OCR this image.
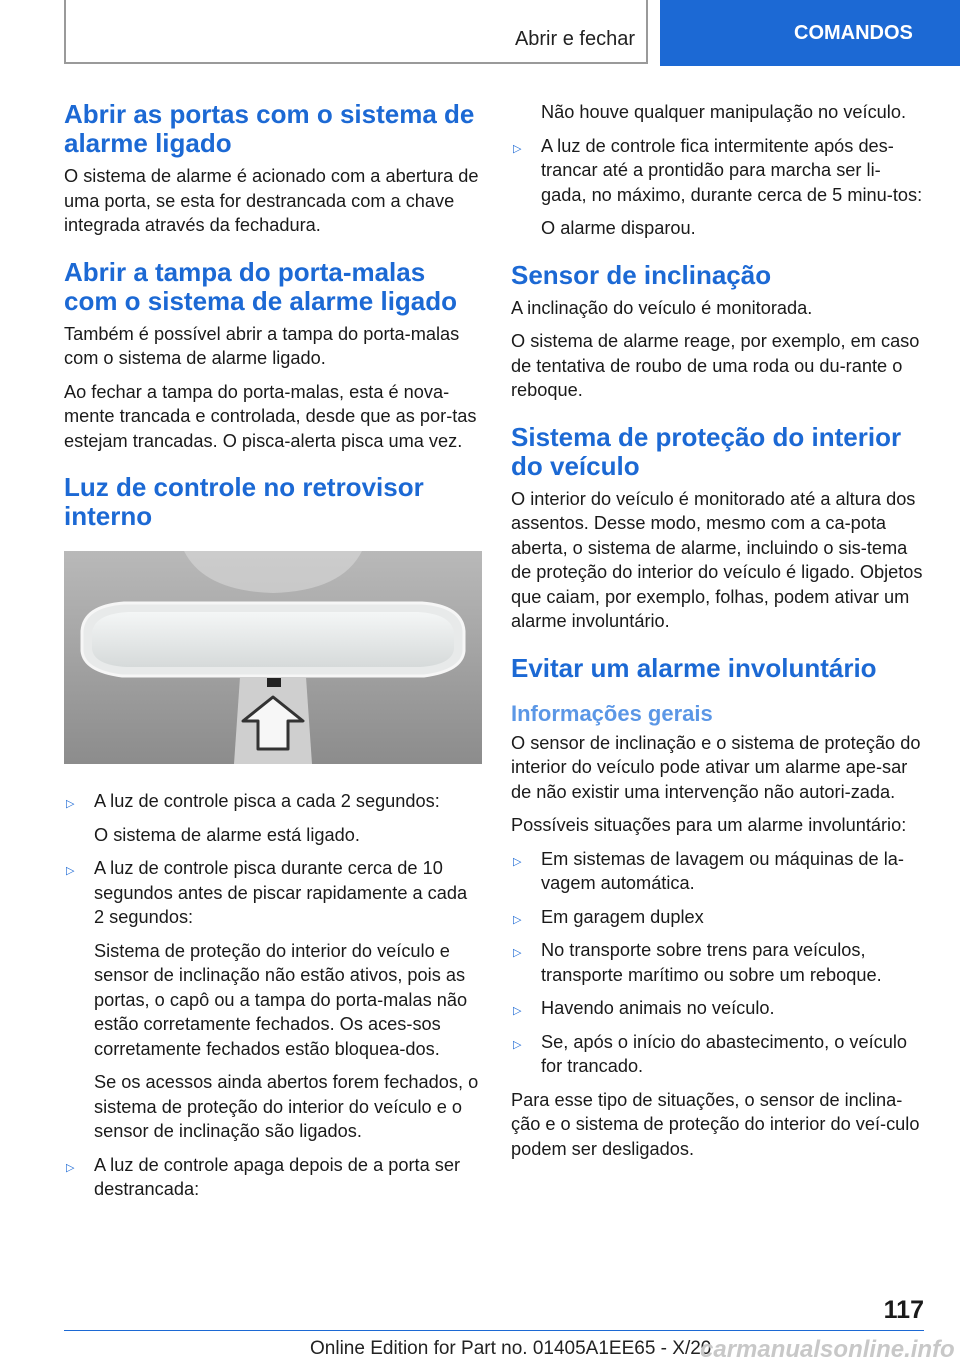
Abrir e fechar	COMANDOS
Abrir as portas com o sistema de alarme ligado

O sistema de alarme é acionado com a abertura de uma porta, se esta for destrancada com a chave integrada através da fechadura.

Abrir a tampa do porta-malas com o sistema de alarme ligado

Também é possível abrir a tampa do porta-malas com o sistema de alarme ligado.

Ao fechar a tampa do porta-malas, esta é nova-mente trancada e controlada, desde que as por-tas estejam trancadas. O pisca-alerta pisca uma vez.

Luz de controle no retrovisor interno
▷ A luz de controle pisca a cada 2 segundos:

O sistema de alarme está ligado.

▷ A luz de controle pisca durante cerca de 10 segundos antes de piscar rapidamente a cada 2 segundos:

Sistema de proteção do interior do veículo e sensor de inclinação não estão ativos, pois as portas, o capô ou a tampa do porta-malas não estão corretamente fechados. Os aces-sos corretamente fechados estão bloquea-dos.

Se os acessos ainda abertos forem fechados, o sistema de proteção do interior do veículo e o sensor de inclinação são ligados.

▷ A luz de controle apaga depois de a porta ser destrancada:

Não houve qualquer manipulação no veículo.

▷ A luz de controle fica intermitente após des-trancar até a prontidão para marcha ser li-gada, no máximo, durante cerca de 5 minu-tos:

O alarme disparou.

Sensor de inclinação

A inclinação do veículo é monitorada.

O sistema de alarme reage, por exemplo, em caso de tentativa de roubo de uma roda ou du-rante o reboque.

Sistema de proteção do interior do veículo

O interior do veículo é monitorado até a altura dos assentos. Desse modo, mesmo com a ca-pota aberta, o sistema de alarme, incluindo o sis-tema de proteção do interior do veículo é ligado. Objetos que caiam, por exemplo, folhas, podem ativar um alarme involuntário.

Evitar um alarme involuntário
Informações gerais

O sensor de inclinação e o sistema de proteção do interior do veículo pode ativar um alarme ape-sar de não existir uma intervenção não autori-zada.

Possíveis situações para um alarme involuntário:

▷ Em sistemas de lavagem ou máquinas de la-vagem automática.
▷ Em garagem duplex
▷ No transporte sobre trens para veículos, transporte marítimo ou sobre um reboque.
▷ Havendo animais no veículo.
▷ Se, após o início do abastecimento, o veículo for trancado.

Para esse tipo de situações, o sensor de inclina-ção e o sistema de proteção do interior do veí-culo podem ser desligados.

117
Online Edition for Part no. 01405A1EE65 - X/20
carmanualsonline.info
